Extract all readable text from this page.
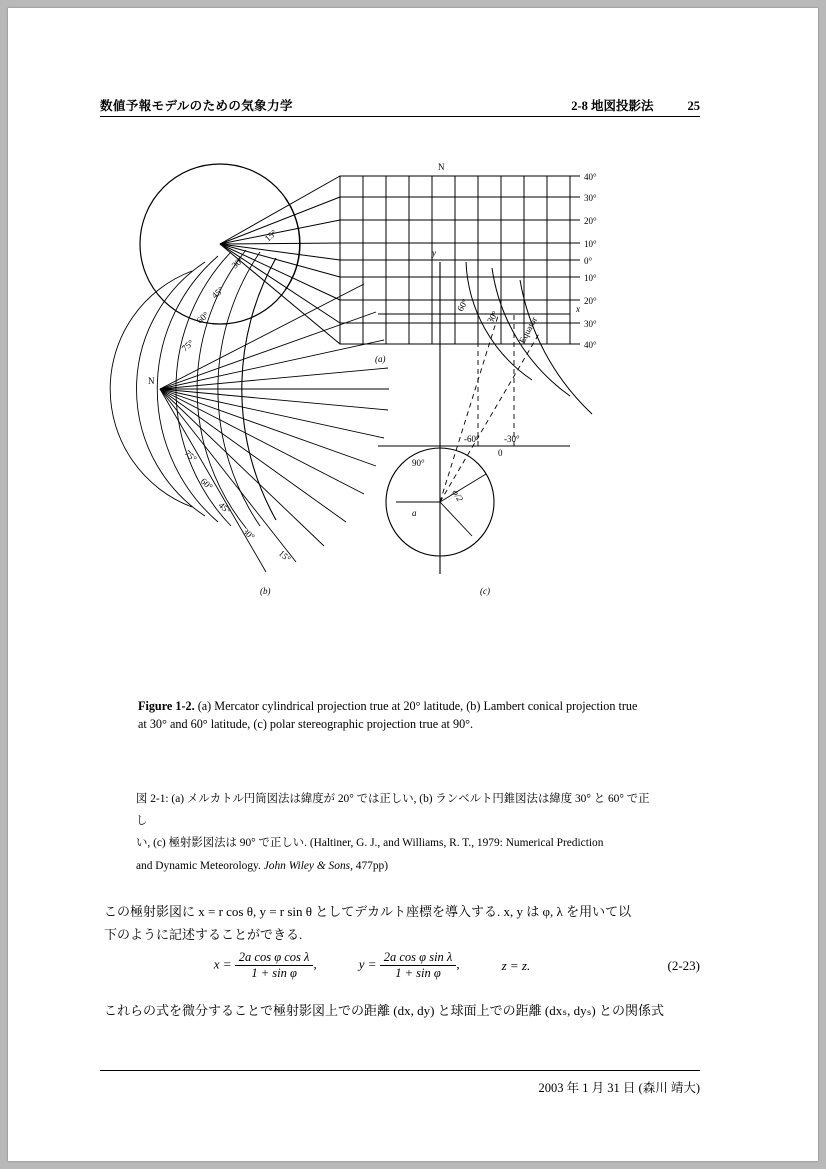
数値予報モデルのための気象力学	2-8 地図投影法	25
N
40°
30°
20°
10°
0°
10°
20°
30°
40°
(a)
N
15°
30°
45°
60°
75°
75°
60°
45°
30°
15°
(b)
y
x
60°
30° Equator
-60°	-30°
90°
φ/2
a
0
(c)
Figure 1-2. (a) Mercator cylindrical projection true at 20° latitude, (b) Lambert conical projection true at 30° and 60° latitude, (c) polar stereographic projection true at 90°.
図 2-1: (a) メルカトル円筒図法は緯度が 20° では正しい, (b) ランベルト円錐図法は緯度 30° と 60° で正し
い, (c) 極射影図法は 90° で正しい. (Haltiner, G. J., and Williams, R. T., 1979: Numerical Prediction
and Dynamic Meteorology. John Wiley & Sons, 477pp)
この極射影図に x = r cos θ, y = r sin θ としてデカルト座標を導入する. x, y は φ, λ を用いて以
下のように記述することができる.
$x = \frac{\text{2a cos φ cos λ}}{\text{1 + sin φ}}$ ,	$y = \frac{\text{2a cos φ sin λ}}{\text{1 + sin φ}}$ ,	z = z.	(2-23)
これらの式を微分することで極射影図上での距離 (dx, dy) と球面上での距離 (dxₛ, dyₛ) との関係式
2003 年 1 月 31 日 (森川 靖大)
